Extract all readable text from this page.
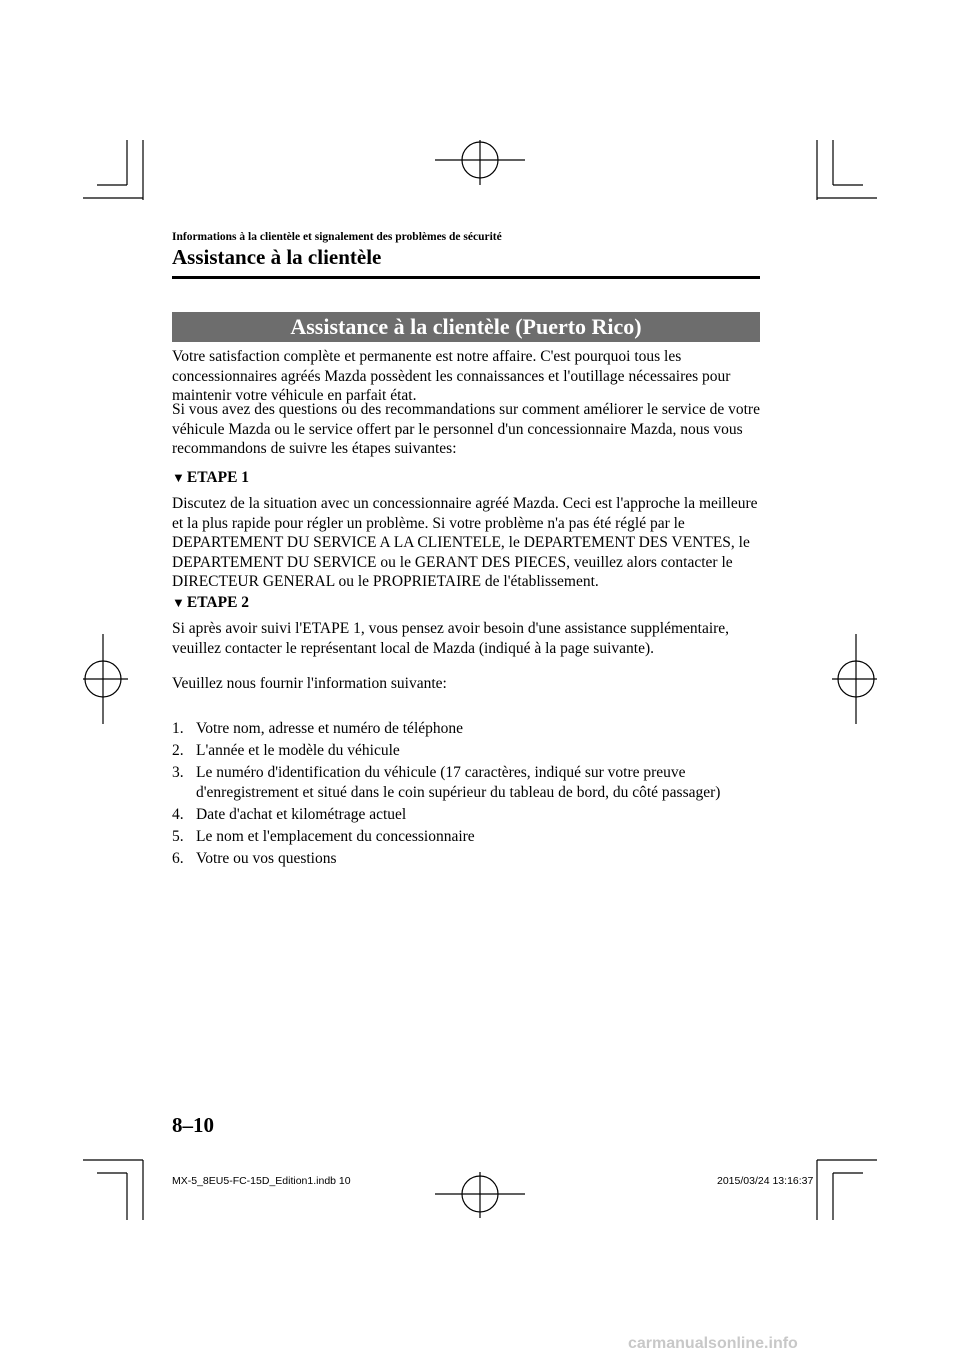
Informations à la clientèle et signalement des problèmes de sécurité
Assistance à la clientèle
Assistance à la clientèle (Puerto Rico)

Votre satisfaction complète et permanente est notre affaire. C'est pourquoi tous les concessionnaires agréés Mazda possèdent les connaissances et l'outillage nécessaires pour maintenir votre véhicule en parfait état.

Si vous avez des questions ou des recommandations sur comment améliorer le service de votre véhicule Mazda ou le service offert par le personnel d'un concessionnaire Mazda, nous vous recommandons de suivre les étapes suivantes:

▼ ETAPE 1

Discutez de la situation avec un concessionnaire agréé Mazda. Ceci est l'approche la meilleure et la plus rapide pour régler un problème. Si votre problème n'a pas été réglé par le DEPARTEMENT DU SERVICE A LA CLIENTELE, le DEPARTEMENT DES VENTES, le DEPARTEMENT DU SERVICE ou le GERANT DES PIECES, veuillez alors contacter le DIRECTEUR GENERAL ou le PROPRIETAIRE de l'établissement.

▼ ETAPE 2

Si après avoir suivi l'ETAPE 1, vous pensez avoir besoin d'une assistance supplémentaire, veuillez contacter le représentant local de Mazda (indiqué à la page suivante).

Veuillez nous fournir l'information suivante:

1. Votre nom, adresse et numéro de téléphone
2. L'année et le modèle du véhicule
3. Le numéro d'identification du véhicule (17 caractères, indiqué sur votre preuve d'enregistrement et situé dans le coin supérieur du tableau de bord, du côté passager)
4. Date d'achat et kilométrage actuel
5. Le nom et l'emplacement du concessionnaire
6. Votre ou vos questions
8–10
MX-5_8EU5-FC-15D_Edition1.indb 10	2015/03/24 13:16:37
carmanualsonline.info
